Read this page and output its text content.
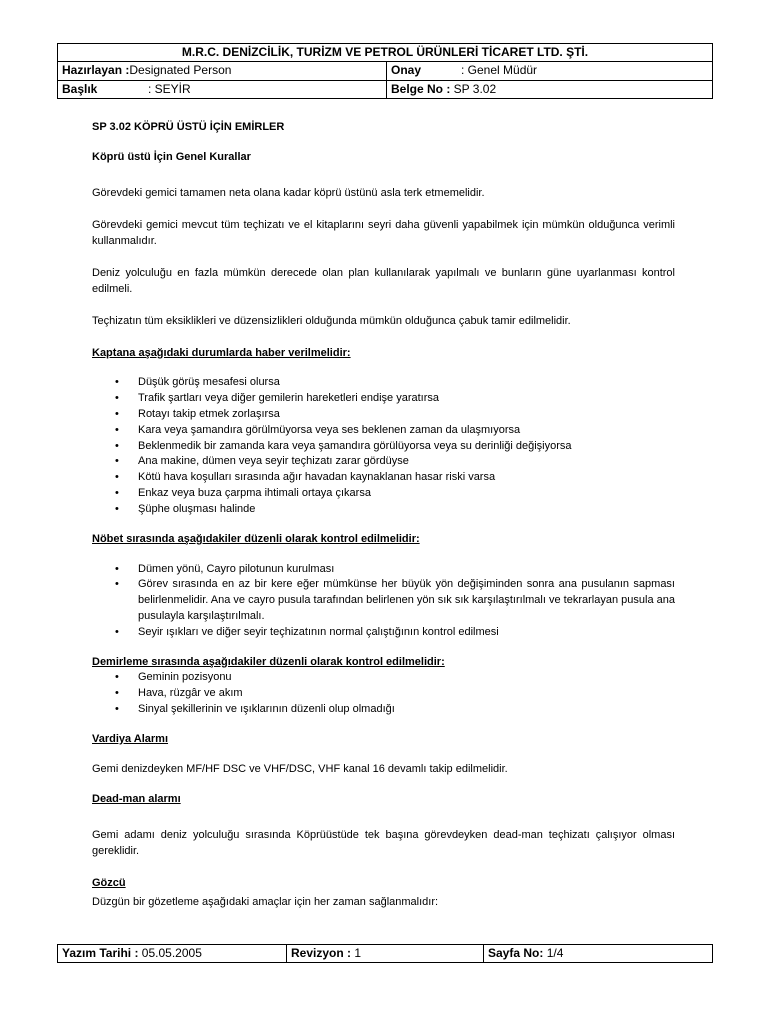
M.R.C. DENİZCİLİK, TURİZM VE PETROL ÜRÜNLERİ TİCARET LTD. ŞTİ.	
Hazırlayan :Designated Person	Onay : Genel Müdür
Başlık : SEYİR	Belge No : SP 3.02

SP 3.02 KÖPRÜ ÜSTÜ İÇİN EMİRLER

Köprü üstü İçin Genel Kurallar

Görevdeki gemici tamamen neta olana kadar köprü üstünü asla terk etmemelidir.

Görevdeki gemici mevcut tüm teçhizatı ve el kitaplarını seyri daha güvenli yapabilmek için mümkün olduğunca verimli kullanmalıdır.

Deniz yolculuğu en fazla mümkün derecede olan plan kullanılarak yapılmalı ve bunların güne uyarlanması kontrol edilmeli.

Teçhizatın tüm eksiklikleri ve düzensizlikleri olduğunda mümkün olduğunca çabuk tamir edilmelidir.

Kaptana aşağıdaki durumlarda haber verilmelidir:

• Düşük görüş mesafesi olursa
• Trafik şartları veya diğer gemilerin hareketleri endişe yaratırsa
• Rotayı takip etmek zorlaşırsa
• Kara veya şamandıra görülmüyorsa veya ses beklenen zaman da ulaşmıyorsa
• Beklenmedik bir zamanda kara veya şamandıra görülüyorsa veya su derinliği değişiyorsa
• Ana makine, dümen veya seyir teçhizatı zarar gördüyse
• Kötü hava koşulları sırasında ağır havadan kaynaklanan hasar riski varsa
• Enkaz veya buza çarpma ihtimali ortaya çıkarsa
• Şüphe oluşması halinde

Nöbet sırasında aşağıdakiler düzenli olarak kontrol edilmelidir:

• Dümen yönü, Cayro pilotunun kurulması
• Görev sırasında en az bir kere eğer mümkünse her büyük yön değişiminden sonra ana pusulanın sapması belirlenmelidir. Ana ve cayro pusula tarafından belirlenen yön sık sık karşılaştırılmalı ve tekrarlayan pusula ana pusulayla karşılaştırılmalı.
• Seyir ışıkları ve diğer seyir teçhizatının normal çalıştığının kontrol edilmesi

Demirleme sırasında aşağıdakiler düzenli olarak kontrol edilmelidir:

• Geminin pozisyonu
• Hava, rüzgâr ve akım
• Sinyal şekillerinin ve ışıklarının düzenli olup olmadığı

Vardiya Alarmı

Gemi denizdeyken MF/HF DSC ve VHF/DSC, VHF kanal 16 devamlı takip edilmelidir.

Dead-man alarmı

Gemi adamı deniz yolculuğu sırasında Köprüüstüde tek başına görevdeyken dead-man teçhizatı çalışıyor olması gereklidir.

Gözcü

Düzgün bir gözetleme aşağıdaki amaçlar için her zaman sağlanmalıdır:

Yazım Tarihi : 05.05.2005	Revizyon : 1	Sayfa No: 1/4
